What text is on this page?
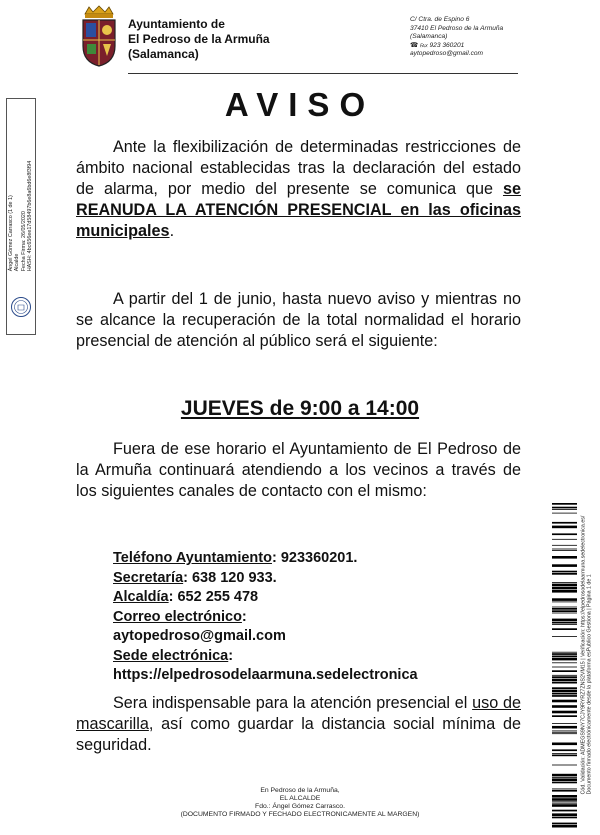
Ayuntamiento de
El Pedroso de la Armuña
(Salamanca)
C/ Ctra. de Espino 6
37410 El Pedroso de la Armuña
(Salamanca)
☎ ℻ 923 360201
aytopedroso@gmail.com
Ángel Gómez Carrasco (1 de 1) Alcalde Fecha Firma: 26/05/2020 HASH: 4bc656ee17d58497b6e8a6bd6e8f3f94
AVISO
Ante la flexibilización de determinadas restricciones de ámbito nacional establecidas tras la declaración del estado de alarma, por medio del presente se comunica que se REANUDA LA ATENCIÓN PRESENCIAL en las oficinas municipales.
A partir del 1 de junio, hasta nuevo aviso y mientras no se alcance la recuperación de la total normalidad el horario presencial de atención al público será el siguiente:
JUEVES de 9:00 a 14:00
Fuera de ese horario el Ayuntamiento de El Pedroso de la Armuña continuará atendiendo a los vecinos a través de los siguientes canales de contacto con el mismo:
Teléfono Ayuntamiento: 923360201.
Secretaría: 638 120 933.
Alcaldía: 652 255 478
Correo electrónico:
aytopedroso@gmail.com
Sede electrónica:
https://elpedrosodelaarmuna.sedelectronica
Sera indispensable para la atención presencial el uso de mascarilla, así como guardar la distancia social mínima de seguridad.
En Pedroso de la Armuña,
EL ALCALDE
Fdo.: Ángel Gómez Carrasco.
(DOCUMENTO FIRMADO Y FECHADO ELECTRONICAMENTE AL MARGEN)
Cód. Validación: ADMEGS9NY7CJY9RYRZ7ZNS2VM15 | Verificación: https://elpedrosodelaarmuna.sedelectronica.es/ Documento firmado electrónicamente desde la plataforma esPublico Gestiona | Página 1 de 1
